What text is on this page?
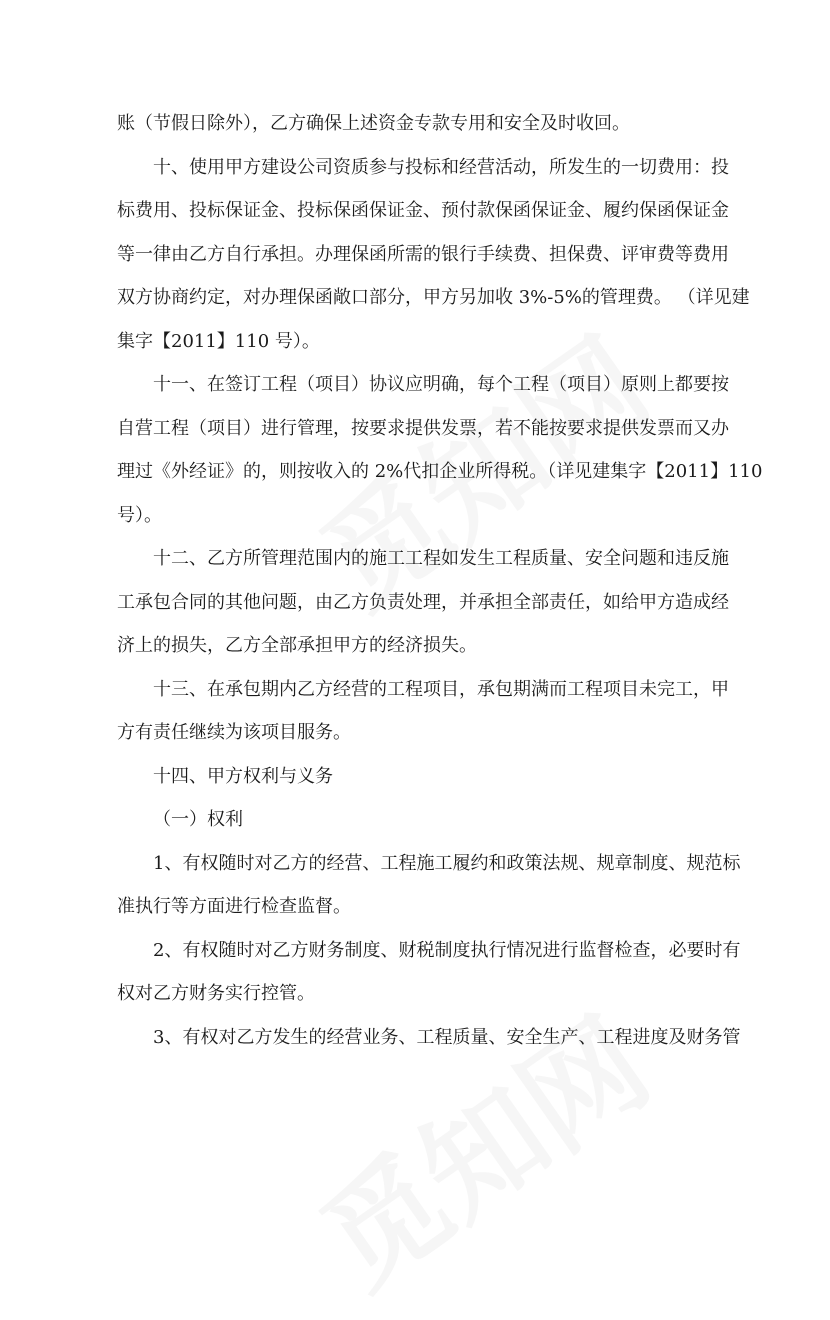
账（节假日除外），乙方确保上述资金专款专用和安全及时收回。
十、使用甲方建设公司资质参与投标和经营活动，所发生的一切费用：投
标费用、投标保证金、投标保函保证金、预付款保函保证金、履约保函保证金
等一律由乙方自行承担。办理保函所需的银行手续费、担保费、评审费等费用
双方协商约定，对办理保函敞口部分，甲方另加收 3%-5%的管理费。 （详见建
集字【2011】110 号）。
十一、在签订工程（项目）协议应明确，每个工程（项目）原则上都要按
自营工程（项目）进行管理，按要求提供发票，若不能按要求提供发票而又办
理过《外经证》的，则按收入的 2%代扣企业所得税。（详见建集字【2011】110
号）。
十二、乙方所管理范围内的施工工程如发生工程质量、安全问题和违反施
工承包合同的其他问题，由乙方负责处理，并承担全部责任，如给甲方造成经
济上的损失，乙方全部承担甲方的经济损失。
十三、在承包期内乙方经营的工程项目，承包期满而工程项目未完工，甲
方有责任继续为该项目服务。
十四、甲方权利与义务
（一）权利
1、有权随时对乙方的经营、工程施工履约和政策法规、规章制度、规范标
准执行等方面进行检查监督。
2、有权随时对乙方财务制度、财税制度执行情况进行监督检查，必要时有
权对乙方财务实行控管。
3、有权对乙方发生的经营业务、工程质量、安全生产、工程进度及财务管
